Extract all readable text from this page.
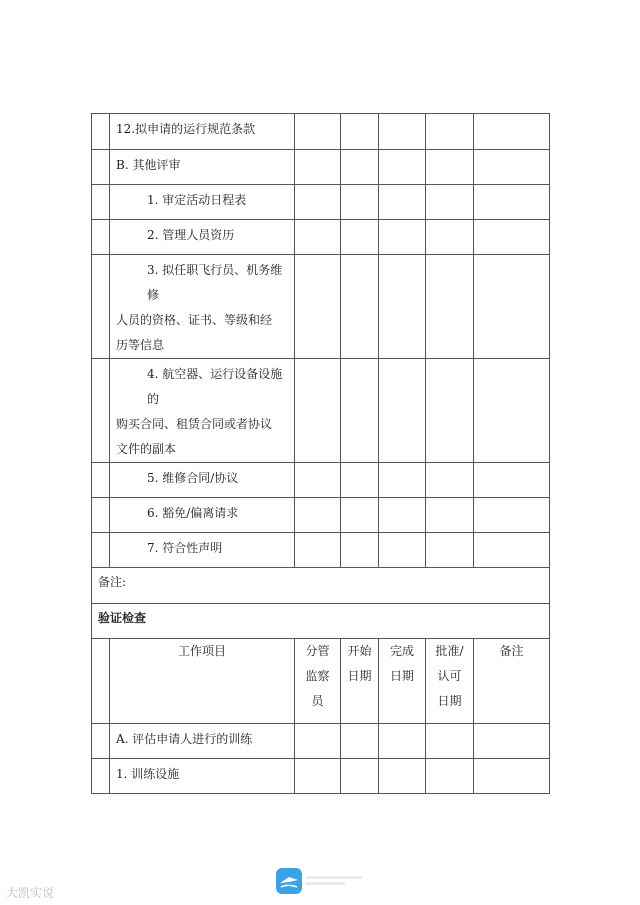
	12.拟申请的运行规范条款					
	B. 其他评审					
	1. 审定活动日程表					
	2. 管理人员资历					

	3. 拟任职飞行员、机务维修
人员的资格、证书、等级和经
历等信息					

	4. 航空器、运行设备设施的
购买合同、租赁合同或者协议
文件的副本					

	5. 维修合同/协议					
	6. 豁免/偏离请求					
	7. 符合性声明					
备注:						
验证检查						

	工作项目	分管
监察
员	开始
日期	完成
日期	批准/
认可
日期	备注

	A. 评估申请人进行的训练					
	1. 训练设施					
大凯实说
